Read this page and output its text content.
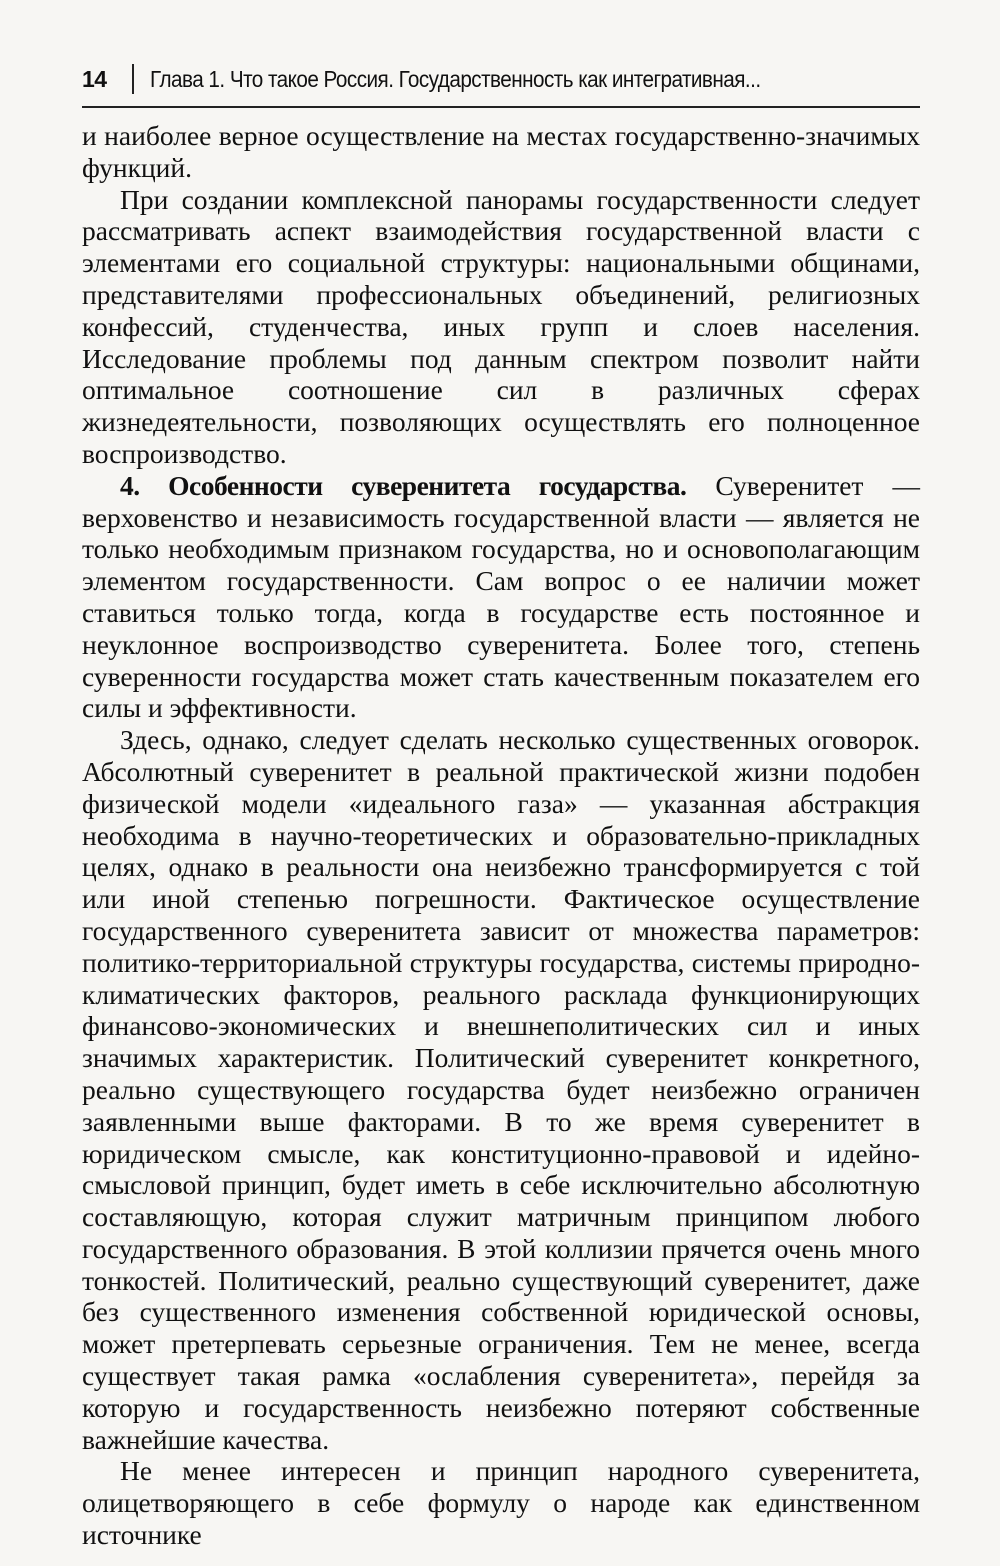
14	Глава 1. Что такое Россия. Государственность как интегративная...

и наиболее верное осуществление на местах государственно-значимых функций.

При создании комплексной панорамы государственности следует рассматривать аспект взаимодействия государственной власти с элементами его социальной структуры: национальными общинами, представителями профессиональных объединений, религиозных конфессий, студенчества, иных групп и слоев населения. Исследование проблемы под данным спектром позволит найти оптимальное соотношение сил в различных сферах жизнедеятельности, позволяющих осуществлять его полноценное воспроизводство.

4. Особенности суверенитета государства. Суверенитет — верховенство и независимость государственной власти — является не только необходимым признаком государства, но и основополагающим элементом государственности. Сам вопрос о ее наличии может ставиться только тогда, когда в государстве есть постоянное и неуклонное воспроизводство суверенитета. Более того, степень суверенности государства может стать качественным показателем его силы и эффективности.

Здесь, однако, следует сделать несколько существенных оговорок. Абсолютный суверенитет в реальной практической жизни подобен физической модели «идеального газа» — указанная абстракция необходима в научно-теоретических и образовательно-прикладных целях, однако в реальности она неизбежно трансформируется с той или иной степенью погрешности. Фактическое осуществление государственного суверенитета зависит от множества параметров: политико-территориальной структуры государства, системы природно-климатических факторов, реального расклада функционирующих финансово-экономических и внешнеполитических сил и иных значимых характеристик. Политический суверенитет конкретного, реально существующего государства будет неизбежно ограничен заявленными выше факторами. В то же время суверенитет в юридическом смысле, как конституционно-правовой и идейно-смысловой принцип, будет иметь в себе исключительно абсолютную составляющую, которая служит матричным принципом любого государственного образования. В этой коллизии прячется очень много тонкостей. Политический, реально существующий суверенитет, даже без существенного изменения собственной юридической основы, может претерпевать серьезные ограничения. Тем не менее, всегда существует такая рамка «ослабления суверенитета», перейдя за которую и государственность неизбежно потеряют собственные важнейшие качества.

Не менее интересен и принцип народного суверенитета, олицетворяющего в себе формулу о народе как единственном источнике
